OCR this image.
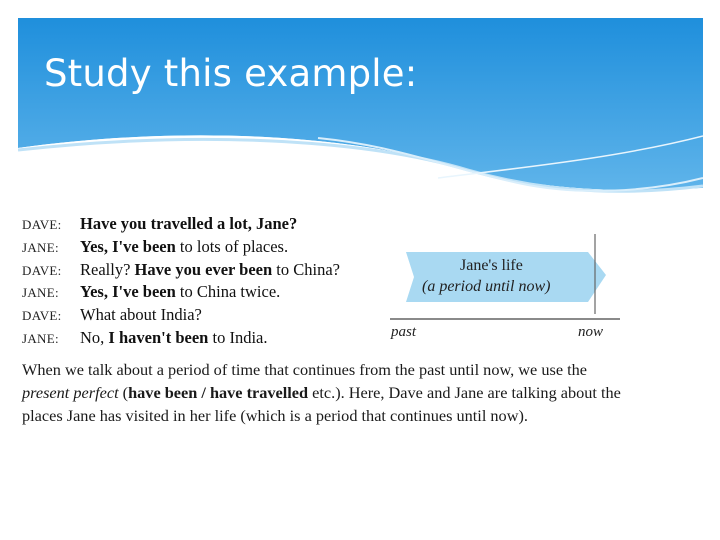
Study this example:
DAVE:	Have you travelled a lot, Jane?
JANE:	Yes, I've been to lots of places.
DAVE:	Really? Have you ever been to China?
JANE:	Yes, I've been to China twice.
DAVE:	What about India?
JANE:	No, I haven't been to India.
Jane's life
(a period until now)
past	now

When we talk about a period of time that continues from the past until now, we use the
present perfect (have been / have travelled etc.). Here, Dave and Jane are talking about the
places Jane has visited in her life (which is a period that continues until now).
